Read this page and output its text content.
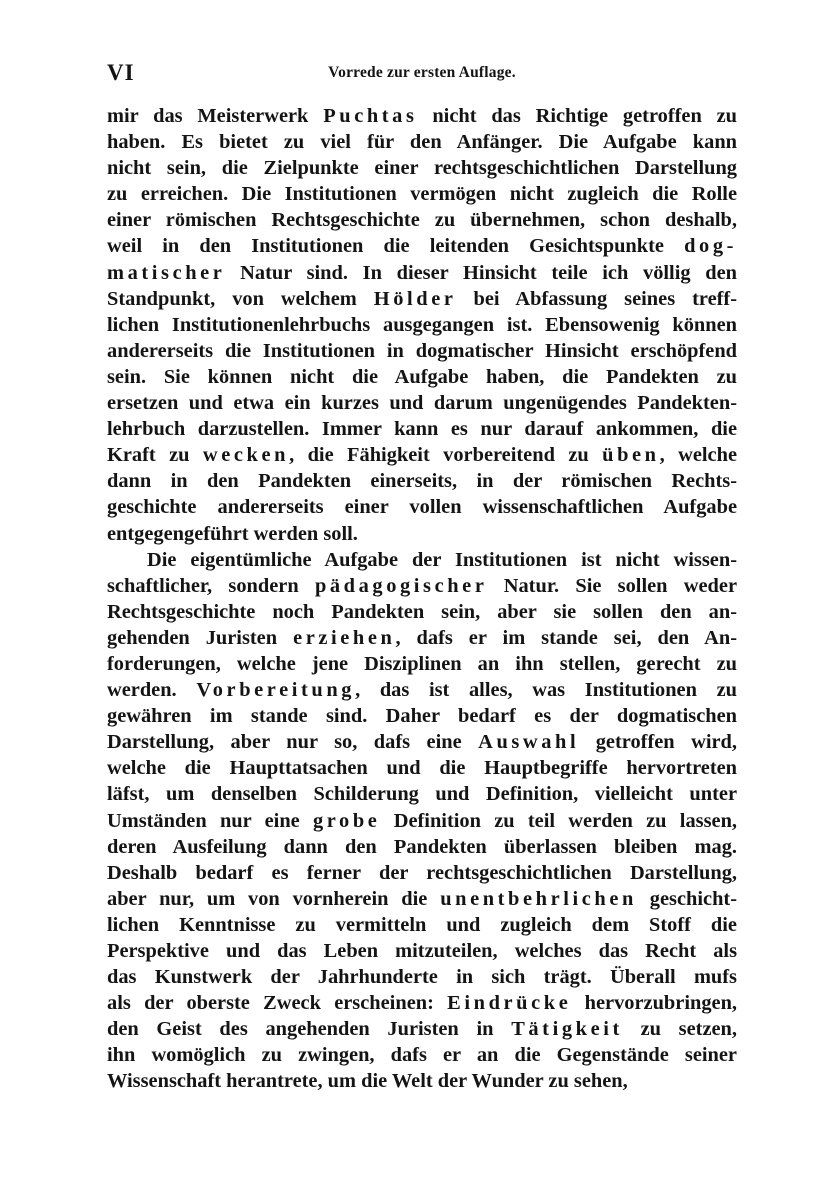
VI	Vorrede zur ersten Auflage.
mir das Meisterwerk Puchtas nicht das Richtige getroffen zu
haben. Es bietet zu viel für den Anfänger. Die Aufgabe kann
nicht sein, die Zielpunkte einer rechtsgeschichtlichen Darstellung
zu erreichen. Die Institutionen vermögen nicht zugleich die Rolle
einer römischen Rechtsgeschichte zu übernehmen, schon deshalb,
weil in den Institutionen die leitenden Gesichtspunkte dog-
matischer Natur sind. In dieser Hinsicht teile ich völlig den
Standpunkt, von welchem Hölder bei Abfassung seines treff-
lichen Institutionenlehrbuchs ausgegangen ist. Ebensowenig können
andererseits die Institutionen in dogmatischer Hinsicht erschöpfend
sein. Sie können nicht die Aufgabe haben, die Pandekten zu
ersetzen und etwa ein kurzes und darum ungenügendes Pandekten-
lehrbuch darzustellen. Immer kann es nur darauf ankommen, die
Kraft zu wecken, die Fähigkeit vorbereitend zu üben, welche
dann in den Pandekten einerseits, in der römischen Rechts-
geschichte andererseits einer vollen wissenschaftlichen Aufgabe
entgegengeführt werden soll.
Die eigentümliche Aufgabe der Institutionen ist nicht wissen-
schaftlicher, sondern pädagogischer Natur. Sie sollen weder
Rechtsgeschichte noch Pandekten sein, aber sie sollen den an-
gehenden Juristen erziehen, dafs er im stande sei, den An-
forderungen, welche jene Disziplinen an ihn stellen, gerecht zu
werden. Vorbereitung, das ist alles, was Institutionen zu
gewähren im stande sind. Daher bedarf es der dogmatischen
Darstellung, aber nur so, dafs eine Auswahl getroffen wird,
welche die Haupttatsachen und die Hauptbegriffe hervortreten
läfst, um denselben Schilderung und Definition, vielleicht unter
Umständen nur eine grobe Definition zu teil werden zu lassen,
deren Ausfeilung dann den Pandekten überlassen bleiben mag.
Deshalb bedarf es ferner der rechtsgeschichtlichen Darstellung,
aber nur, um von vornherein die unentbehrlichen geschicht-
lichen Kenntnisse zu vermitteln und zugleich dem Stoff die
Perspektive und das Leben mitzuteilen, welches das Recht als
das Kunstwerk der Jahrhunderte in sich trägt. Überall mufs
als der oberste Zweck erscheinen: Eindrücke hervorzubringen,
den Geist des angehenden Juristen in Tätigkeit zu setzen,
ihn womöglich zu zwingen, dafs er an die Gegenstände seiner
Wissenschaft herantrete, um die Welt der Wunder zu sehen,
